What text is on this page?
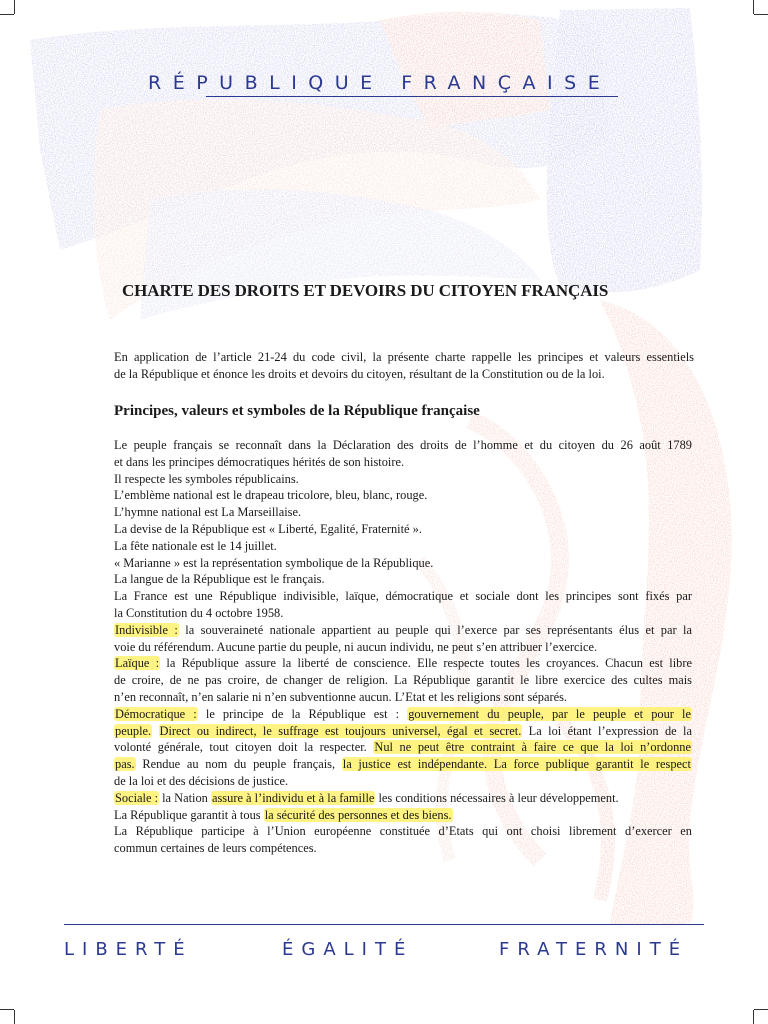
RÉPUBLIQUE FRANÇAISE
CHARTE DES DROITS ET DEVOIRS DU CITOYEN FRANÇAIS
En application de l’article 21-24 du code civil, la présente charte rappelle les principes et valeurs essentiels
de la République et énonce les droits et devoirs du citoyen, résultant de la Constitution ou de la loi.
Principes, valeurs et symboles de la République française

Le peuple français se reconnaît dans la Déclaration des droits de l’homme et du citoyen du 26 août 1789

et dans les principes démocratiques hérités de son histoire.

Il respecte les symboles républicains.

L’emblème national est le drapeau tricolore, bleu, blanc, rouge.

L’hymne national est La Marseillaise.

La devise de la République est « Liberté, Egalité, Fraternité ».

La fête nationale est le 14 juillet.

« Marianne » est la représentation symbolique de la République.

La langue de la République est le français.

La France est une République indivisible, laïque, démocratique et sociale dont les principes sont fixés par

la Constitution du 4 octobre 1958.

Indivisible : la souveraineté nationale appartient au peuple qui l’exerce par ses représentants élus et par la

voie du référendum. Aucune partie du peuple, ni aucun individu, ne peut s’en attribuer l’exercice.

Laïque : la République assure la liberté de conscience. Elle respecte toutes les croyances. Chacun est libre

de croire, de ne pas croire, de changer de religion. La République garantit le libre exercice des cultes mais

n’en reconnaît, n’en salarie ni n’en subventionne aucun. L’Etat et les religions sont séparés.

Démocratique : le principe de la République est : gouvernement du peuple, par le peuple et pour le

peuple. Direct ou indirect, le suffrage est toujours universel, égal et secret. La loi étant l’expression de la

volonté générale, tout citoyen doit la respecter. Nul ne peut être contraint à faire ce que la loi n’ordonne

pas. Rendue au nom du peuple français, la justice est indépendante. La force publique garantit le respect

de la loi et des décisions de justice.

Sociale : la Nation assure à l’individu et à la famille les conditions nécessaires à leur développement.

La République garantit à tous la sécurité des personnes et des biens.

La République participe à l’Union européenne constituée d’Etats qui ont choisi librement d’exercer en

commun certaines de leurs compétences.

LIBERTÉ	ÉGALITÉ	FRATERNITÉ
